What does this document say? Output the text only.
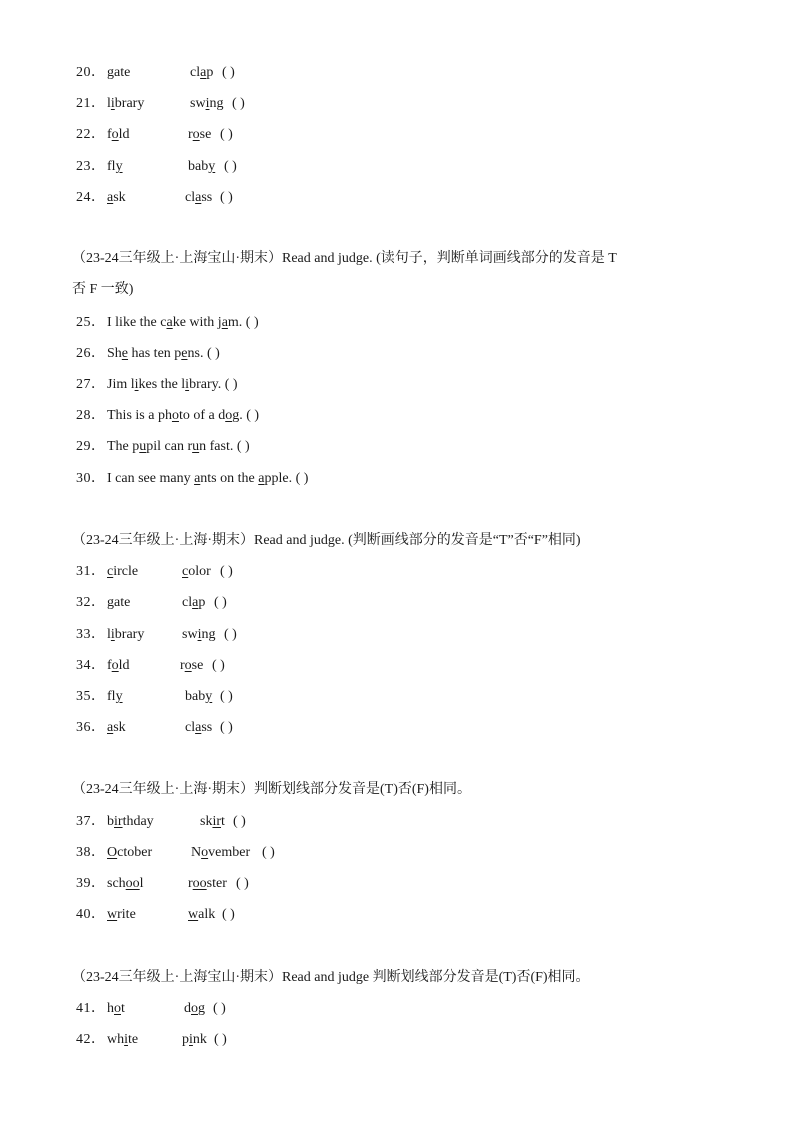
20． gate	clap ( )
21． library	swing ( )
22． fold	rose ( )
23． fly	baby ( )
24． ask	class ( )
（23-24三年级上·上海宝山·期末）Read and judge. (读句子，判断单词画线部分的发音是 T
否 F 一致)
25． I like the cake with jam. ( )
26． She has ten pens. ( )
27． Jim likes the library. ( )
28． This is a photo of a dog. ( )
29． The pupil can run fast. ( )
30． I can see many ants on the apple. ( )
（23-24三年级上·上海·期末）Read and judge. (判断画线部分的发音是“T”否“F”相同)
31． circle	color ( )
32． gate	clap ( )
33． library	swing ( )
34． fold	rose ( )
35． fly	baby ( )
36． ask	class ( )
（23-24三年级上·上海·期末）判断划线部分发音是(T)否(F)相同。
37． birthday	skirt ( )
38． October	November ( )
39． school	rooster ( )
40． write	walk ( )
（23-24三年级上·上海宝山·期末）Read and judge 判断划线部分发音是(T)否(F)相同。
41． hot	dog ( )
42． white	pink ( )
